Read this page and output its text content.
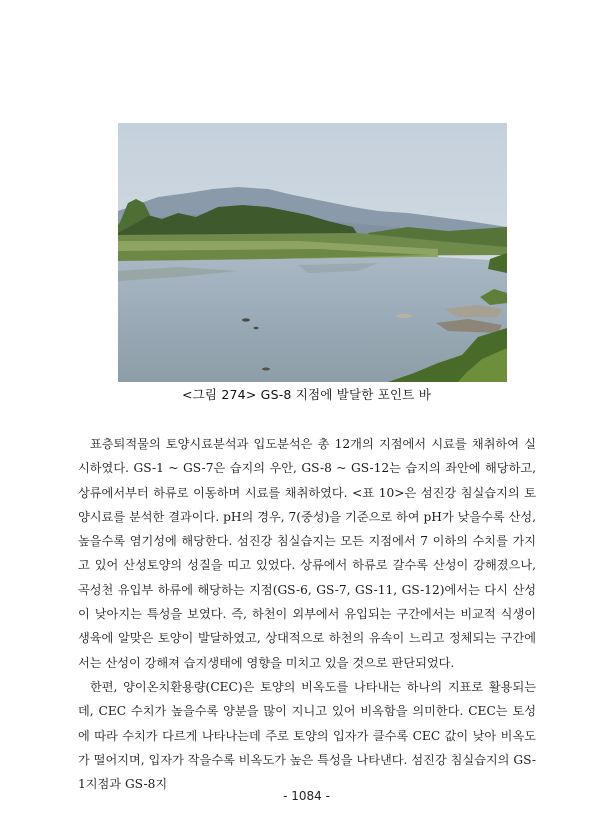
<그림 274> GS-8 지점에 발달한 포인트 바

표층퇴적물의 토양시료분석과 입도분석은 총 12개의 지점에서 시료를 채취하여 실시하였다. GS-1 ~ GS-7은 습지의 우안, GS-8 ~ GS-12는 습지의 좌안에 해당하고, 상류에서부터 하류로 이동하며 시료를 채취하였다. <표 10>은 섬진강 침실습지의 토양시료를 분석한 결과이다. pH의 경우, 7(중성)을 기준으로 하여 pH가 낮을수록 산성, 높을수록 염기성에 해당한다. 섬진강 침실습지는 모든 지점에서 7 이하의 수치를 가지고 있어 산성토양의 성질을 띠고 있었다. 상류에서 하류로 갈수록 산성이 강해졌으나, 곡성천 유입부 하류에 해당하는 지점(GS-6, GS-7, GS-11, GS-12)에서는 다시 산성이 낮아지는 특성을 보였다. 즉, 하천이 외부에서 유입되는 구간에서는 비교적 식생이 생육에 알맞은 토양이 발달하였고, 상대적으로 하천의 유속이 느리고 정체되는 구간에서는 산성이 강해져 습지생태에 영향을 미치고 있을 것으로 판단되었다.

한편, 양이온치환용량(CEC)은 토양의 비옥도를 나타내는 하나의 지표로 활용되는데, CEC 수치가 높을수록 양분을 많이 지니고 있어 비옥함을 의미한다. CEC는 토성에 따라 수치가 다르게 나타나는데 주로 토양의 입자가 클수록 CEC 값이 낮아 비옥도가 떨어지며, 입자가 작을수록 비옥도가 높은 특성을 나타낸다. 섬진강 침실습지의 GS-1지점과 GS-8지

- 1084 -
